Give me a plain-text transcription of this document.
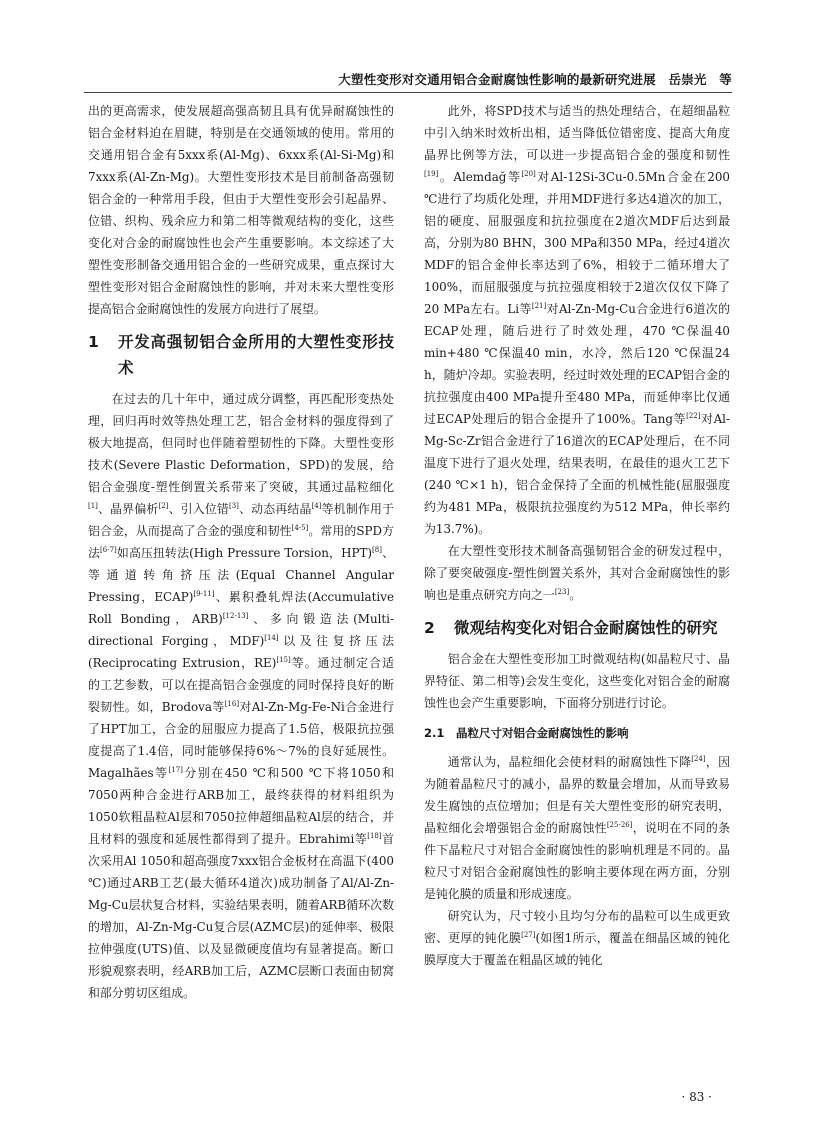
大塑性变形对交通用铝合金耐腐蚀性影响的最新研究进展　岳崇光　等

出的更高需求，使发展超高强高韧且具有优异耐腐蚀性的铝合金材料迫在眉睫，特别是在交通领域的使用。常用的交通用铝合金有5xxx系(Al-Mg)、6xxx系(Al-Si-Mg)和7xxx系(Al-Zn-Mg)。大塑性变形技术是目前制备高强韧铝合金的一种常用手段，但由于大塑性变形会引起晶界、位错、织构、残余应力和第二相等微观结构的变化，这些变化对合金的耐腐蚀性也会产生重要影响。本文综述了大塑性变形制备交通用铝合金的一些研究成果，重点探讨大塑性变形对铝合金耐腐蚀性的影响，并对未来大塑性变形提高铝合金耐腐蚀性的发展方向进行了展望。

1	开发高强韧铝合金所用的大塑性变形技术

在过去的几十年中，通过成分调整，再匹配形变热处理，回归再时效等热处理工艺，铝合金材料的强度得到了极大地提高，但同时也伴随着塑韧性的下降。大塑性变形技术(Severe Plastic Deformation，SPD)的发展，给铝合金强度-塑性倒置关系带来了突破，其通过晶粒细化[1]、晶界偏析[2]、引入位错[3]、动态再结晶[4]等机制作用于铝合金，从而提高了合金的强度和韧性[4-5]。常用的SPD方法[6-7]如高压扭转法(High Pressure Torsion，HPT)[8]、等通道转角挤压法(Equal Channel Angular Pressing，ECAP)[9-11]、累积叠轧焊法(Accumulative Roll Bonding，ARB)[12-13]、多向锻造法(Multi-directional Forging，MDF)[14]以及往复挤压法(Reciprocating Extrusion，RE)[15]等。通过制定合适的工艺参数，可以在提高铝合金强度的同时保持良好的断裂韧性。如，Brodova等[16]对Al-Zn-Mg-Fe-Ni合金进行了HPT加工，合金的屈服应力提高了1.5倍，极限抗拉强度提高了1.4倍，同时能够保持6%～7%的良好延展性。Magalhães等[17]分别在450 ℃和500 ℃下将1050和7050两种合金进行ARB加工，最终获得的材料组织为1050软粗晶粒Al层和7050拉伸超细晶粒Al层的结合，并且材料的强度和延展性都得到了提升。Ebrahimi等[18]首次采用Al 1050和超高强度7xxx铝合金板材在高温下(400 ℃)通过ARB工艺(最大循环4道次)成功制备了Al/Al-Zn-Mg-Cu层状复合材料，实验结果表明，随着ARB循环次数的增加，Al-Zn-Mg-Cu复合层(AZMC层)的延伸率、极限拉伸强度(UTS)值、以及显微硬度值均有显著提高。断口形貌观察表明，经ARB加工后，AZMC层断口表面由韧窝和部分剪切区组成。

此外，将SPD技术与适当的热处理结合，在超细晶粒中引入纳米时效析出相，适当降低位错密度、提高大角度晶界比例等方法，可以进一步提高铝合金的强度和韧性[19]。Alemdağ等[20]对Al-12Si-3Cu-0.5Mn合金在200 ℃进行了均质化处理，并用MDF进行多达4道次的加工，铝的硬度、屈服强度和抗拉强度在2道次MDF后达到最高，分别为80 BHN，300 MPa和350 MPa，经过4道次MDF的铝合金伸长率达到了6%，相较于二循环增大了100%，而屈服强度与抗拉强度相较于2道次仅仅下降了20 MPa左右。Li等[21]对Al-Zn-Mg-Cu合金进行6道次的ECAP处理，随后进行了时效处理，470 ℃保温40 min+480 ℃保温40 min，水冷，然后120 ℃保温24 h，随炉冷却。实验表明，经过时效处理的ECAP铝合金的抗拉强度由400 MPa提升至480 MPa，而延伸率比仅通过ECAP处理后的铝合金提升了100%。Tang等[22]对Al-Mg-Sc-Zr铝合金进行了16道次的ECAP处理后，在不同温度下进行了退火处理，结果表明，在最佳的退火工艺下(240 ℃×1 h)，铝合金保持了全面的机械性能(屈服强度约为481 MPa，极限抗拉强度约为512 MPa，伸长率约为13.7%)。

在大塑性变形技术制备高强韧铝合金的研发过程中，除了要突破强度-塑性倒置关系外，其对合金耐腐蚀性的影响也是重点研究方向之一[23]。

2	微观结构变化对铝合金耐腐蚀性的研究

铝合金在大塑性变形加工时微观结构(如晶粒尺寸、晶界特征、第二相等)会发生变化，这些变化对铝合金的耐腐蚀性也会产生重要影响，下面将分别进行讨论。

2.1	晶粒尺寸对铝合金耐腐蚀性的影响

通常认为，晶粒细化会使材料的耐腐蚀性下降[24]，因为随着晶粒尺寸的减小，晶界的数量会增加，从而导致易发生腐蚀的点位增加；但是有关大塑性变形的研究表明，晶粒细化会增强铝合金的耐腐蚀性[25-26]，说明在不同的条件下晶粒尺寸对铝合金耐腐蚀性的影响机理是不同的。晶粒尺寸对铝合金耐腐蚀性的影响主要体现在两方面，分别是钝化膜的质量和形成速度。

研究认为，尺寸较小且均匀分布的晶粒可以生成更致密、更厚的钝化膜[27](如图1所示，覆盖在细晶区域的钝化膜厚度大于覆盖在粗晶区域的钝化

· 83 ·
